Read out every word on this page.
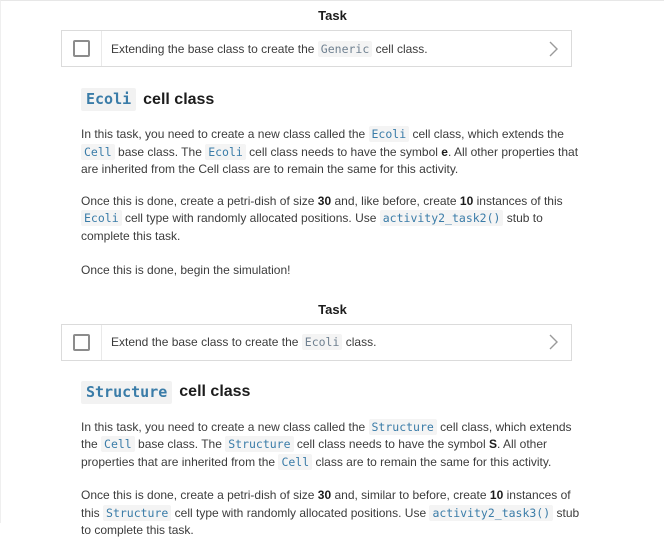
Task
Extending the base class to create the Generic cell class.
Ecoli cell class

In this task, you need to create a new class called the Ecoli cell class, which extends the Cell base class. The Ecoli cell class needs to have the symbol e. All other properties that are inherited from the Cell class are to remain the same for this activity.

Once this is done, create a petri-dish of size 30 and, like before, create 10 instances of this Ecoli cell type with randomly allocated positions. Use activity2_task2() stub to complete this task.

Once this is done, begin the simulation!

Task
Extend the base class to create the Ecoli class.
Structure cell class

In this task, you need to create a new class called the Structure cell class, which extends the Cell base class. The Structure cell class needs to have the symbol S. All other properties that are inherited from the Cell class are to remain the same for this activity.

Once this is done, create a petri-dish of size 30 and, similar to before, create 10 instances of this Structure cell type with randomly allocated positions. Use activity2_task3() stub to complete this task.
